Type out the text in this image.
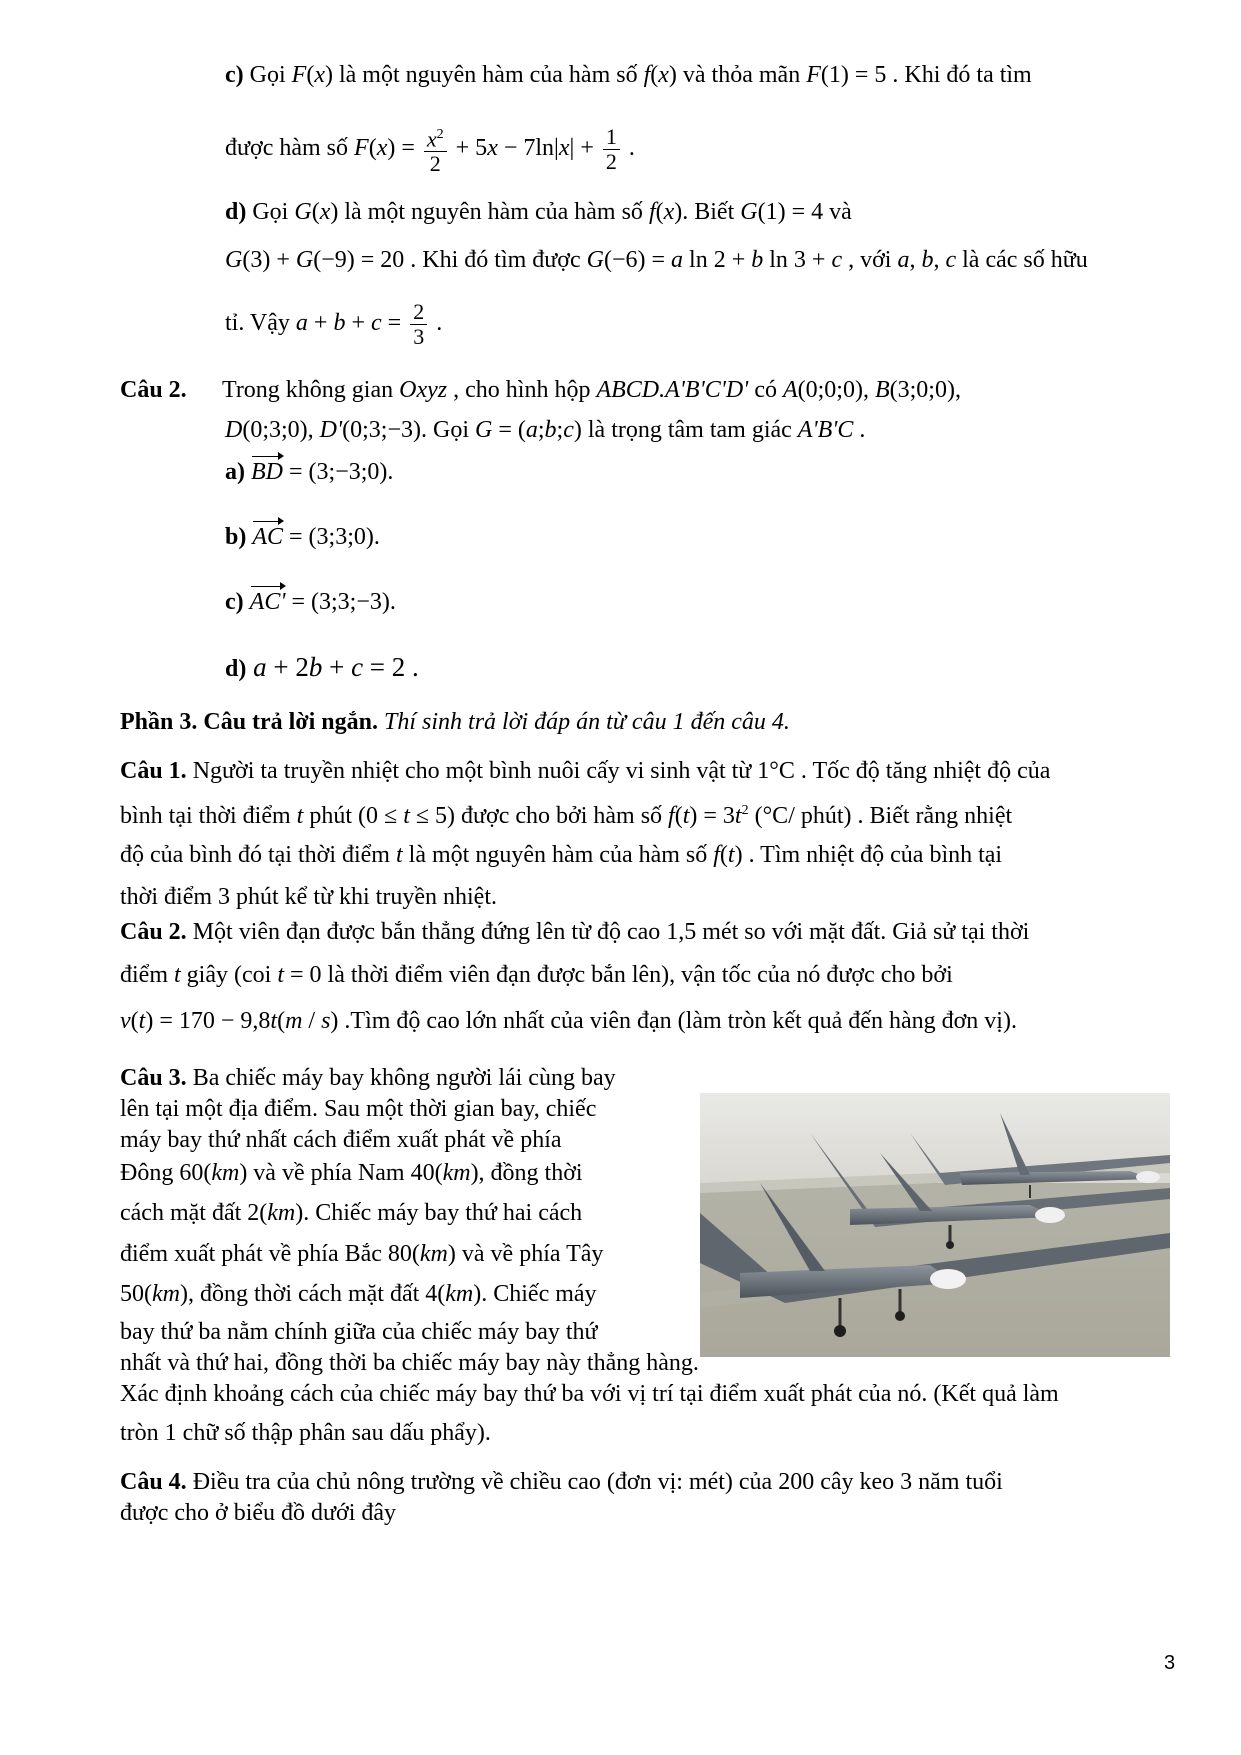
c) Gọi F(x) là một nguyên hàm của hàm số f(x) và thỏa mãn F(1) = 5 . Khi đó ta tìm
được hàm số $F(x) = \frac{x^2}{2} + 5x - 7\ln|x| + \frac{1}{2}$ .
d) Gọi G(x) là một nguyên hàm của hàm số f(x). Biết G(1) = 4 và
G(3) + G(−9) = 20 . Khi đó tìm được G(−6) = a ln 2 + b ln 3 + c , với a, b, c là các số hữu
tỉ. Vậy $a + b + c = \frac{2}{3}$ .
Câu 2. Trong không gian Oxyz , cho hình hộp ABCD.A'B'C'D' có A(0;0;0), B(3;0;0),
D(0;3;0), D'(0;3;−3). Gọi G = (a;b;c) là trọng tâm tam giác A'B'C .
a) BD = (3;−3;0).
b) AC = (3;3;0).
c) AC' = (3;3;−3).
d) a + 2b + c = 2 .
Phần 3. Câu trả lời ngắn. Thí sinh trả lời đáp án từ câu 1 đến câu 4.
Câu 1. Người ta truyền nhiệt cho một bình nuôi cấy vi sinh vật từ 1°C . Tốc độ tăng nhiệt độ của
bình tại thời điểm t phút (0 ≤ t ≤ 5) được cho bởi hàm số $f(t) = 3t^2$ (°C/ phút) . Biết rằng nhiệt
độ của bình đó tại thời điểm t là một nguyên hàm của hàm số f(t) . Tìm nhiệt độ của bình tại
thời điểm 3 phút kể từ khi truyền nhiệt.
Câu 2. Một viên đạn được bắn thẳng đứng lên từ độ cao 1,5 mét so với mặt đất. Giả sử tại thời
điểm t giây (coi t = 0 là thời điểm viên đạn được bắn lên), vận tốc của nó được cho bởi
v(t) = 170 − 9,8t(m / s) .Tìm độ cao lớn nhất của viên đạn (làm tròn kết quả đến hàng đơn vị).
Câu 3. Ba chiếc máy bay không người lái cùng bay
lên tại một địa điểm. Sau một thời gian bay, chiếc
máy bay thứ nhất cách điểm xuất phát về phía
Đông 60(km) và về phía Nam 40(km), đồng thời
cách mặt đất 2(km). Chiếc máy bay thứ hai cách
điểm xuất phát về phía Bắc 80(km) và về phía Tây
50(km), đồng thời cách mặt đất 4(km). Chiếc máy
bay thứ ba nằm chính giữa của chiếc máy bay thứ
nhất và thứ hai, đồng thời ba chiếc máy bay này thẳng hàng.
Xác định khoảng cách của chiếc máy bay thứ ba với vị trí tại điểm xuất phát của nó. (Kết quả làm
tròn 1 chữ số thập phân sau dấu phẩy).
Câu 4. Điều tra của chủ nông trường về chiều cao (đơn vị: mét) của 200 cây keo 3 năm tuổi
được cho ở biểu đồ dưới đây
3
